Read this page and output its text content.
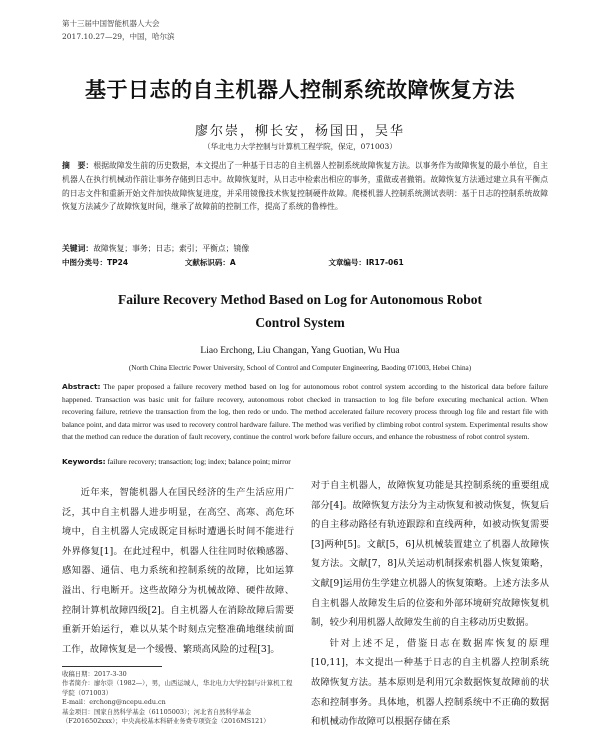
第十三届中国智能机器人大会
2017.10.27—29，中国，哈尔滨
基于日志的自主机器人控制系统故障恢复方法
廖尔崇，柳长安，杨国田，吴华
（华北电力大学控制与计算机工程学院，保定，071003）
摘　要：根据故障发生前的历史数据，本文提出了一种基于日志的自主机器人控制系统故障恢复方法。以事务作为故障恢复的最小单位，自主机器人在执行机械动作前让事务存储到日志中。故障恢复时，从日志中检索出相应的事务，重做或者撤销。故障恢复方法通过建立具有平衡点的日志文件和重新开始文件加快故障恢复进度，并采用镜像技术恢复控制硬件故障。爬楼机器人控制系统测试表明：基于日志的控制系统故障恢复方法减少了故障恢复时间，继承了故障前的控制工作，提高了系统的鲁棒性。
关键词：故障恢复；事务；日志；索引；平衡点；镜像
中图分类号：TP24	文献标识码：A	文章编号：IR17-061
Failure Recovery Method Based on Log for Autonomous Robot
Control System
Liao Erchong, Liu Changan, Yang Guotian, Wu Hua
(North China Electric Power University, School of Control and Computer Engineering, Baoding 071003, Hebei China)
Abstract: The paper proposed a failure recovery method based on log for autonomous robot control system according to the historical data before failure happened. Transaction was basic unit for failure recovery, autonomous robot checked in transaction to log file before executing mechanical action. When recovering failure, retrieve the transaction from the log, then redo or undo. The method accelerated failure recovery process through log file and restart file with balance point, and data mirror was used to recovery control hardware failure. The method was verified by climbing robot control system. Experimental results show that the method can reduce the duration of fault recovery, continue the control work before failure occurs, and enhance the robustness of robot control system.
Keywords: failure recovery; transaction; log; index; balance point; mirror
近年来，智能机器人在国民经济的生产生活应用广泛，其中自主机器人进步明显，在高空、高寒、高危环境中，自主机器人完成既定目标时遭遇长时间不能进行外界修复[1]。在此过程中，机器人往往同时依赖感器、感知器、通信、电力系统和控制系统的故障，比如运算溢出、行电断开。这些故障分为机械故障、硬件故障、控制计算机故障四级[2]。自主机器人在消除故障后需要重新开始运行，难以从某个时刻点完整准确地继续前面工作，故障恢复是一个缓慢、繁琐高风险的过程[3]。

对于自主机器人，故障恢复功能是其控制系统的重要组成部分[4]。故障恢复方法分为主动恢复和被动恢复，恢复后的自主移动路径有轨迹跟踪和直线两种，如被动恢复需要[3]两种[5]。文献[5，6]从机械装置建立了机器人故障恢复方法。文献[7，8]从关运动机制探索机器人恢复策略，文献[9]运用仿生学建立机器人的恢复策略。上述方法多从自主机器人故障发生后的位姿和外部环境研究故障恢复机制，较少利用机器人故障发生前的自主移动历史数据。

针对上述不足，借鉴日志在数据库恢复的原理[10,11]，本文提出一种基于日志的自主机器人控制系统故障恢复方法。基本原则是利用冗余数据恢复故障前的状态和控制事务。具体地，机器人控制系统中不正确的数据和机械动作故障可以根据存储在系

收稿日期：2017-3-30
作者简介：廖尔崇（1982—），男，山西运城人，华北电力大学控制与计算机工程学院（071003）
E-mail：erchong@ncepu.edu.cn
基金项目：国家自然科学基金（61105003）；河北省自然科学基金（F2016502xxx）；中央高校基本科研业务费专项资金（2016MS121）
